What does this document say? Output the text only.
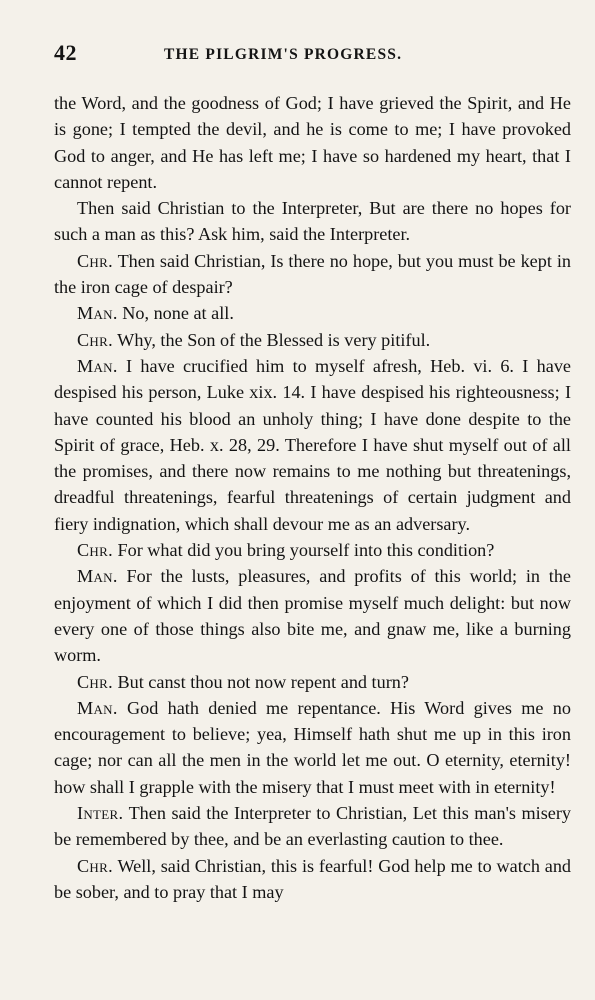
42	THE PILGRIM'S PROGRESS.

the Word, and the goodness of God; I have grieved the Spirit, and He is gone; I tempted the devil, and he is come to me; I have provoked God to anger, and He has left me; I have so hardened my heart, that I cannot repent.

Then said Christian to the Interpreter, But are there no hopes for such a man as this? Ask him, said the Interpreter.

Chr. Then said Christian, Is there no hope, but you must be kept in the iron cage of despair?

Man. No, none at all.

Chr. Why, the Son of the Blessed is very pitiful.

Man. I have crucified him to myself afresh, Heb. vi. 6. I have despised his person, Luke xix. 14. I have despised his righteousness; I have counted his blood an unholy thing; I have done despite to the Spirit of grace, Heb. x. 28, 29. Therefore I have shut myself out of all the promises, and there now remains to me nothing but threatenings, dreadful threatenings, fearful threatenings of certain judgment and fiery indignation, which shall devour me as an adversary.

Chr. For what did you bring yourself into this condition?

Man. For the lusts, pleasures, and profits of this world; in the enjoyment of which I did then promise myself much delight: but now every one of those things also bite me, and gnaw me, like a burning worm.

Chr. But canst thou not now repent and turn?

Man. God hath denied me repentance. His Word gives me no encouragement to believe; yea, Himself hath shut me up in this iron cage; nor can all the men in the world let me out. O eternity, eternity! how shall I grapple with the misery that I must meet with in eternity!

Inter. Then said the Interpreter to Christian, Let this man's misery be remembered by thee, and be an everlasting caution to thee.

Chr. Well, said Christian, this is fearful! God help me to watch and be sober, and to pray that I may
